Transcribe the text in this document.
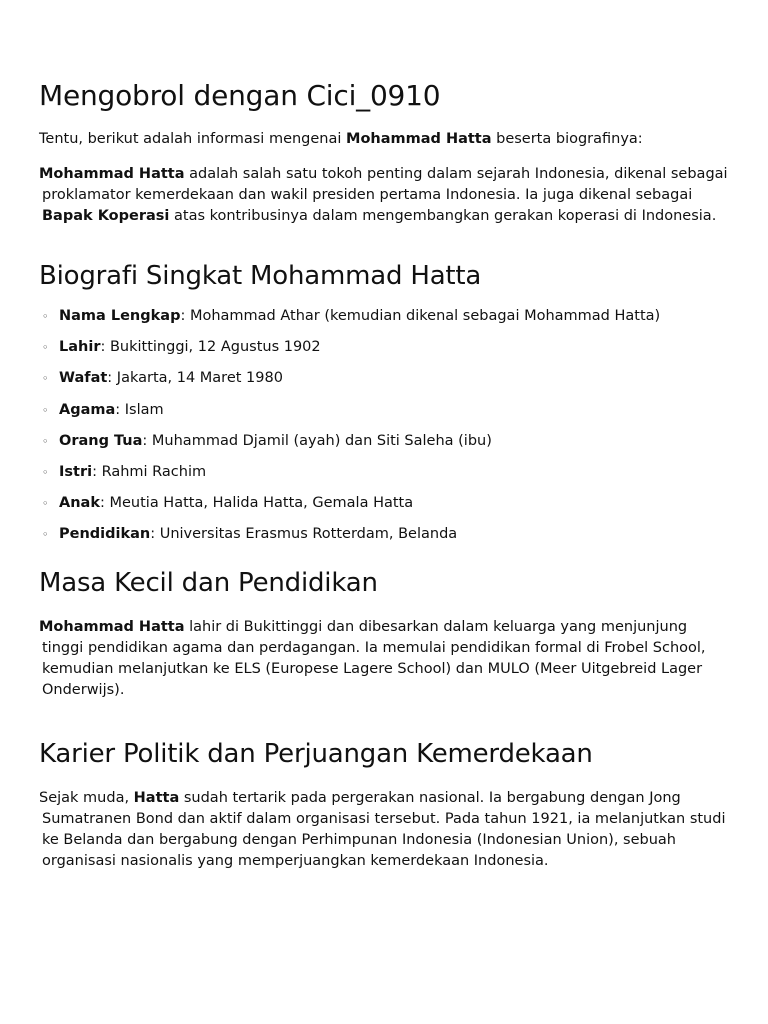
Mengobrol dengan Cici_0910

Tentu, berikut adalah informasi mengenai Mohammad Hatta beserta biografinya:

Mohammad Hatta adalah salah satu tokoh penting dalam sejarah Indonesia, dikenal sebagai proklamator kemerdekaan dan wakil presiden pertama Indonesia. Ia juga dikenal sebagai Bapak Koperasi atas kontribusinya dalam mengembangkan gerakan koperasi di Indonesia.

Biografi Singkat Mohammad Hatta
◦ Nama Lengkap: Mohammad Athar (kemudian dikenal sebagai Mohammad Hatta)
◦ Lahir: Bukittinggi, 12 Agustus 1902
◦ Wafat: Jakarta, 14 Maret 1980
◦ Agama: Islam
◦ Orang Tua: Muhammad Djamil (ayah) dan Siti Saleha (ibu)
◦ Istri: Rahmi Rachim
◦ Anak: Meutia Hatta, Halida Hatta, Gemala Hatta
◦ Pendidikan: Universitas Erasmus Rotterdam, Belanda
Masa Kecil dan Pendidikan

Mohammad Hatta lahir di Bukittinggi dan dibesarkan dalam keluarga yang menjunjung tinggi pendidikan agama dan perdagangan. Ia memulai pendidikan formal di Frobel School, kemudian melanjutkan ke ELS (Europese Lagere School) dan MULO (Meer Uitgebreid Lager Onderwijs).

Karier Politik dan Perjuangan Kemerdekaan

Sejak muda, Hatta sudah tertarik pada pergerakan nasional. Ia bergabung dengan Jong Sumatranen Bond dan aktif dalam organisasi tersebut. Pada tahun 1921, ia melanjutkan studi ke Belanda dan bergabung dengan Perhimpunan Indonesia (Indonesian Union), sebuah organisasi nasionalis yang memperjuangkan kemerdekaan Indonesia.
